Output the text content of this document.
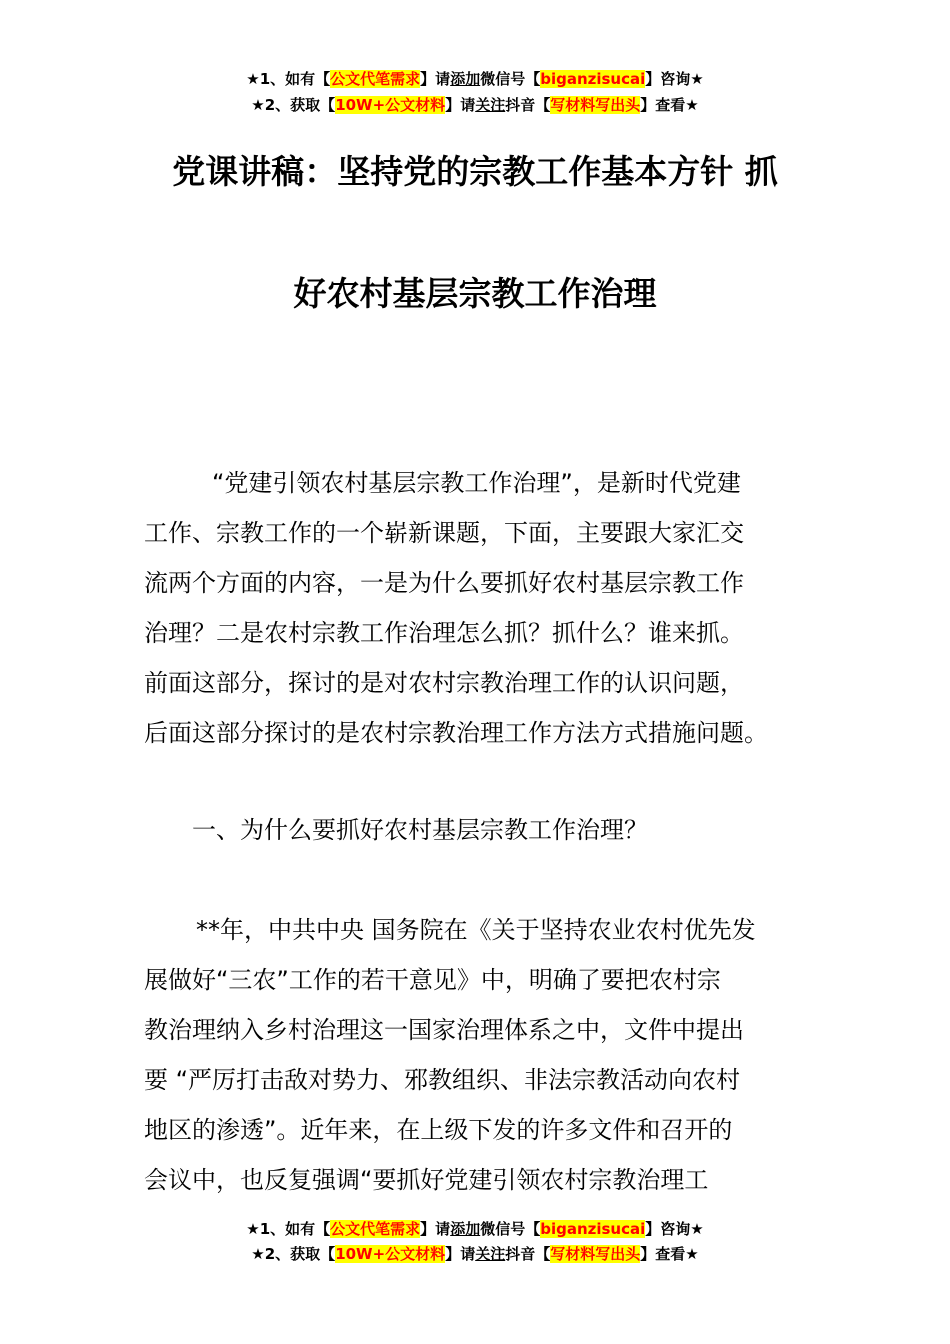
★1、如有【公文代笔需求】请添加微信号【biganzisucai】咨询★
★2、获取【10W+公文材料】请关注抖音【写材料写出头】查看★
党课讲稿：坚持党的宗教工作基本方针 抓
好农村基层宗教工作治理
“党建引领农村基层宗教工作治理”，是新时代党建
工作、宗教工作的一个崭新课题，下面，主要跟大家汇交
流两个方面的内容，一是为什么要抓好农村基层宗教工作
治理？二是农村宗教工作治理怎么抓？抓什么？谁来抓。
前面这部分，探讨的是对农村宗教治理工作的认识问题，
后面这部分探讨的是农村宗教治理工作方法方式措施问题。
一、为什么要抓好农村基层宗教工作治理？
**年，中共中央 国务院在《关于坚持农业农村优先发
展做好“三农”工作的若干意见》中，明确了要把农村宗
教治理纳入乡村治理这一国家治理体系之中，文件中提出
要 “严厉打击敌对势力、邪教组织、非法宗教活动向农村
地区的渗透”。近年来，在上级下发的许多文件和召开的
会议中，也反复强调“要抓好党建引领农村宗教治理工
★1、如有【公文代笔需求】请添加微信号【biganzisucai】咨询★
★2、获取【10W+公文材料】请关注抖音【写材料写出头】查看★
